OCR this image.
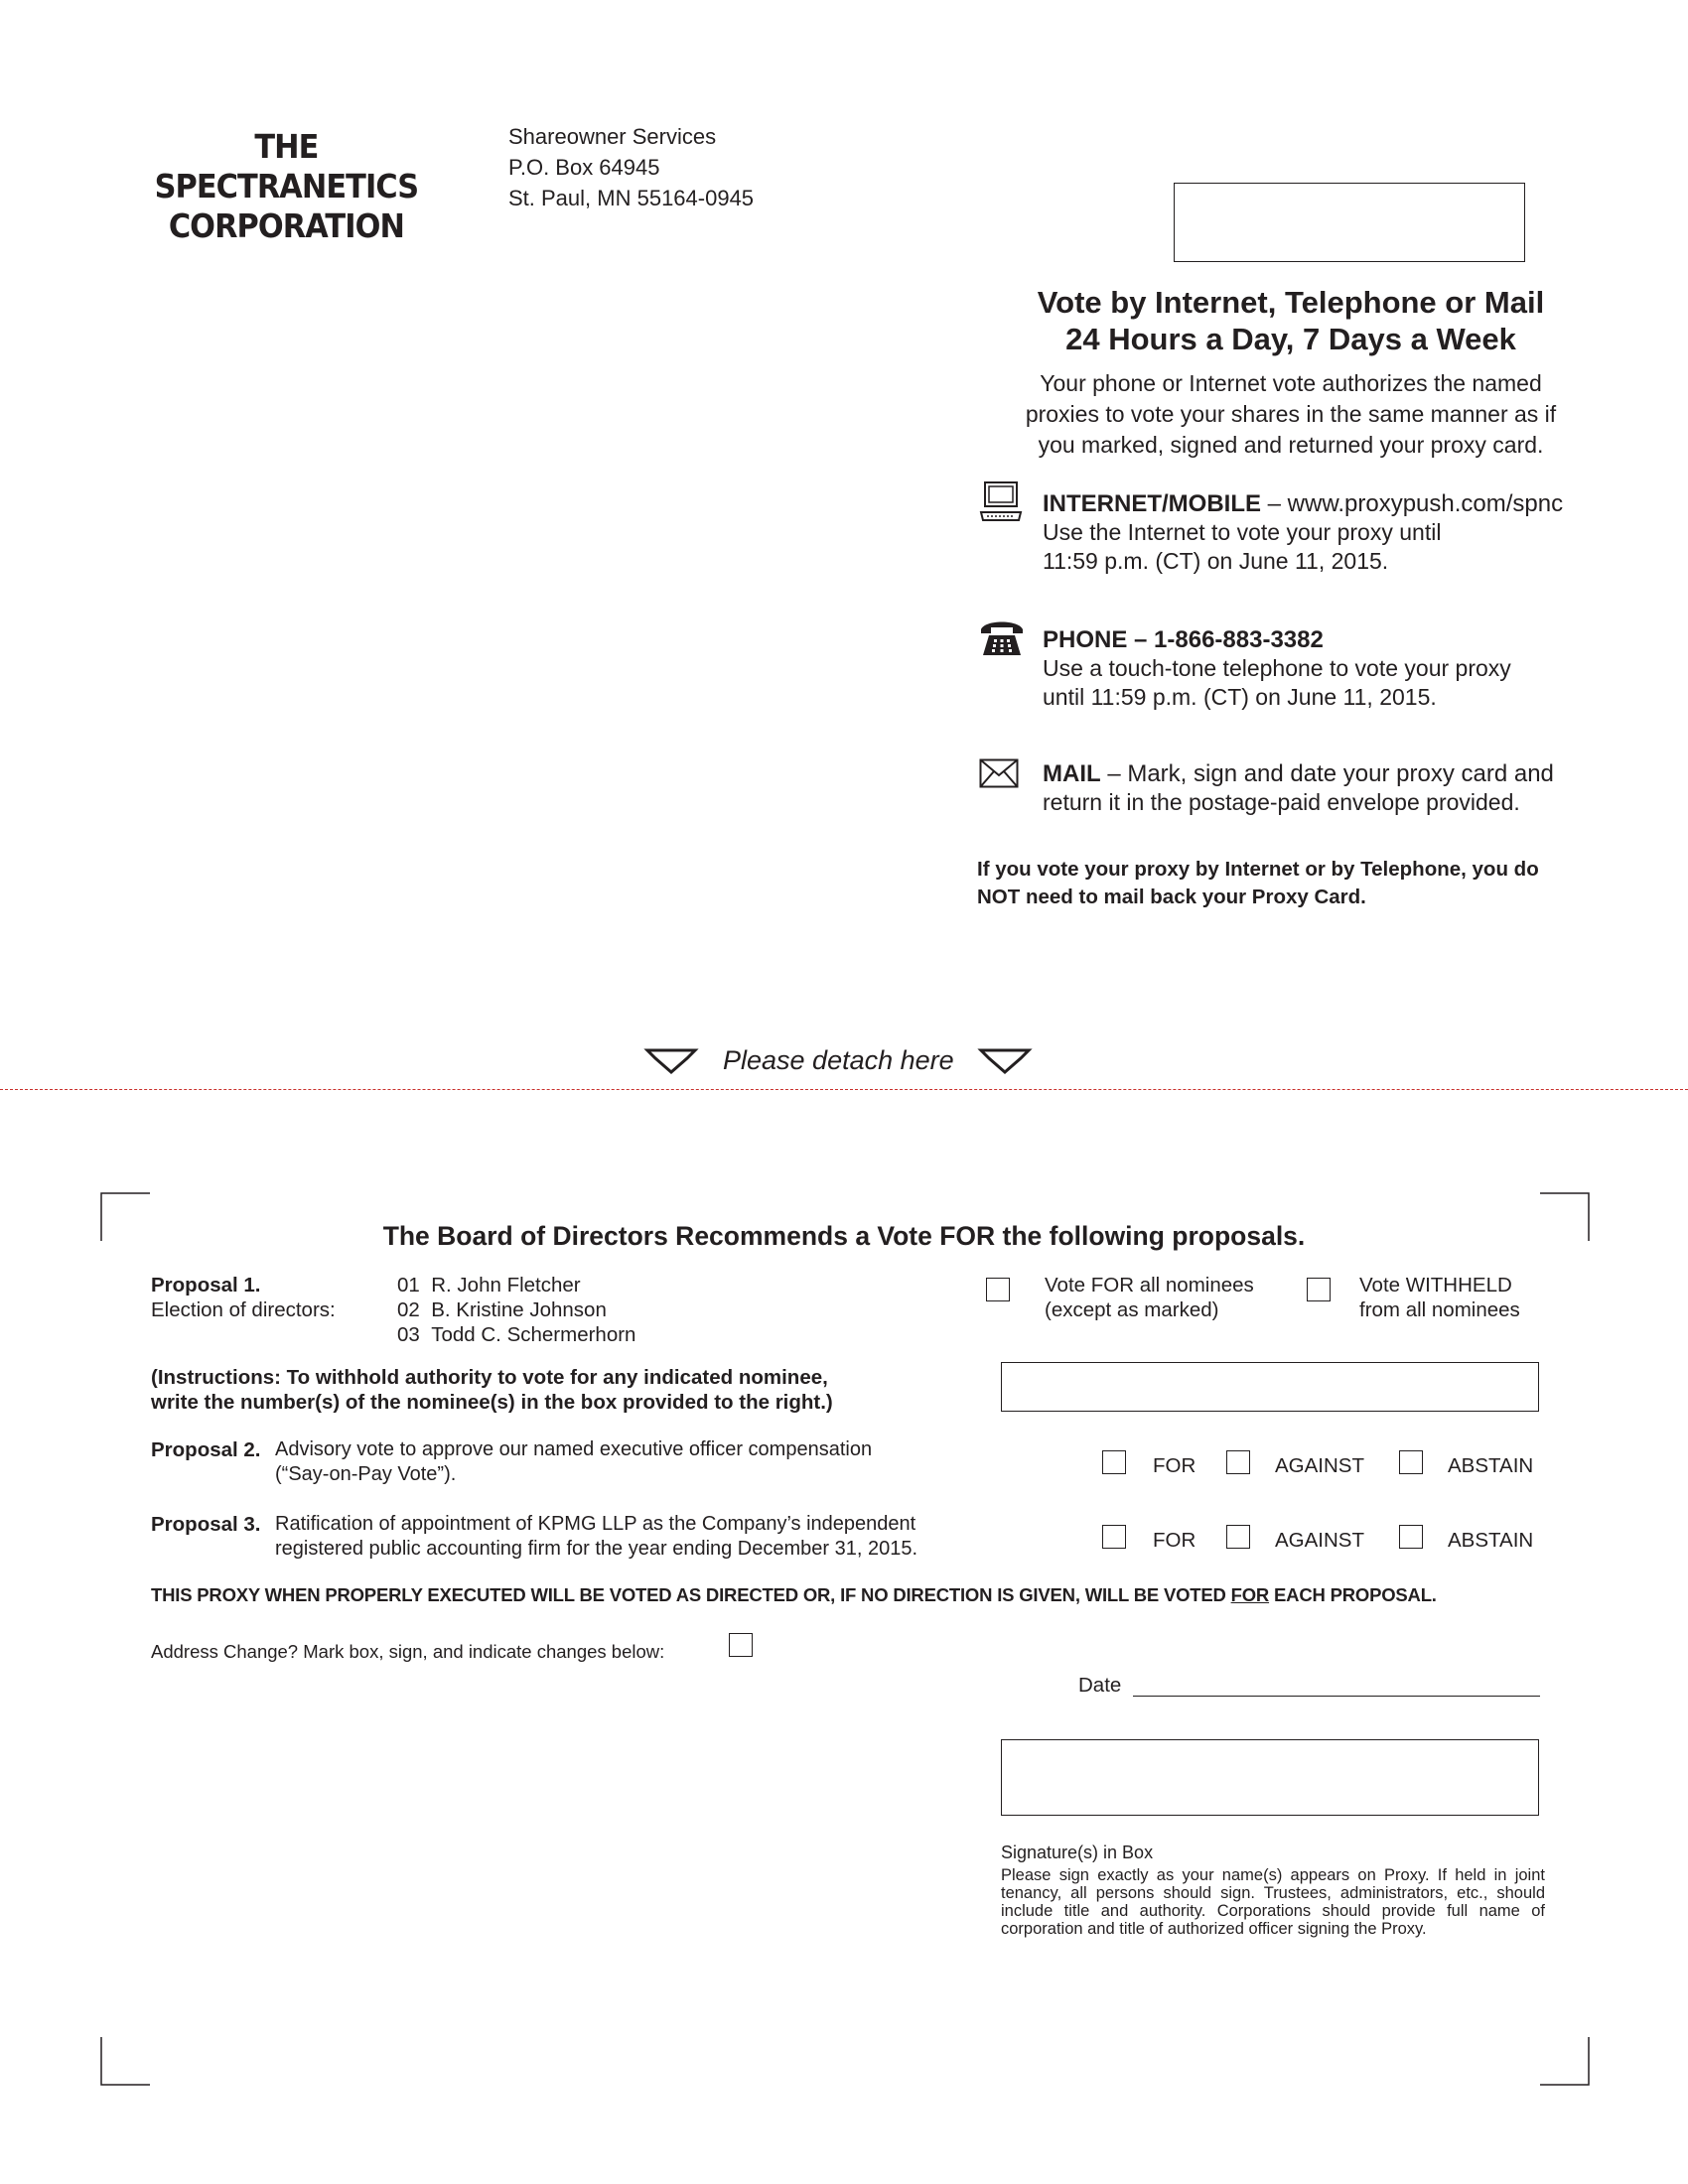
THE SPECTRANETICS
CORPORATION
Shareowner Services
P.O. Box 64945
St. Paul, MN 55164-0945
Vote by Internet, Telephone or Mail
24 Hours a Day, 7 Days a Week
Your phone or Internet vote authorizes the named
proxies to vote your shares in the same manner as if
you marked, signed and returned your proxy card.
INTERNET/MOBILE – www.proxypush.com/spnc
Use the Internet to vote your proxy until
11:59 p.m. (CT) on June 11, 2015.
PHONE – 1-866-883-3382
Use a touch-tone telephone to vote your proxy
until 11:59 p.m. (CT) on June 11, 2015.
MAIL – Mark, sign and date your proxy card and
return it in the postage-paid envelope provided.
If you vote your proxy by Internet or by Telephone, you do
NOT need to mail back your Proxy Card.
Please detach here
The Board of Directors Recommends a Vote FOR the following proposals.
Proposal 1.
Election of directors:
01 R. John Fletcher
02 B. Kristine Johnson
03 Todd C. Schermerhorn
Vote FOR all nominees
(except as marked)
Vote WITHHELD
from all nominees
(Instructions: To withhold authority to vote for any indicated nominee,
write the number(s) of the nominee(s) in the box provided to the right.)
Proposal 2. Advisory vote to approve our named executive officer compensation
(“Say-on-Pay Vote”).	FOR	AGAINST	ABSTAIN
Proposal 3. Ratification of appointment of KPMG LLP as the Company’s independent
registered public accounting firm for the year ending December 31, 2015.	FOR	AGAINST	ABSTAIN
THIS PROXY WHEN PROPERLY EXECUTED WILL BE VOTED AS DIRECTED OR, IF NO DIRECTION IS GIVEN, WILL BE VOTED FOR EACH PROPOSAL.
Address Change? Mark box, sign, and indicate changes below:
Date
Signature(s) in Box
Please sign exactly as your name(s) appears on Proxy. If held in joint tenancy, all persons should sign. Trustees, administrators, etc., should include title and authority. Corporations should provide full name of corporation and title of authorized officer signing the Proxy.
